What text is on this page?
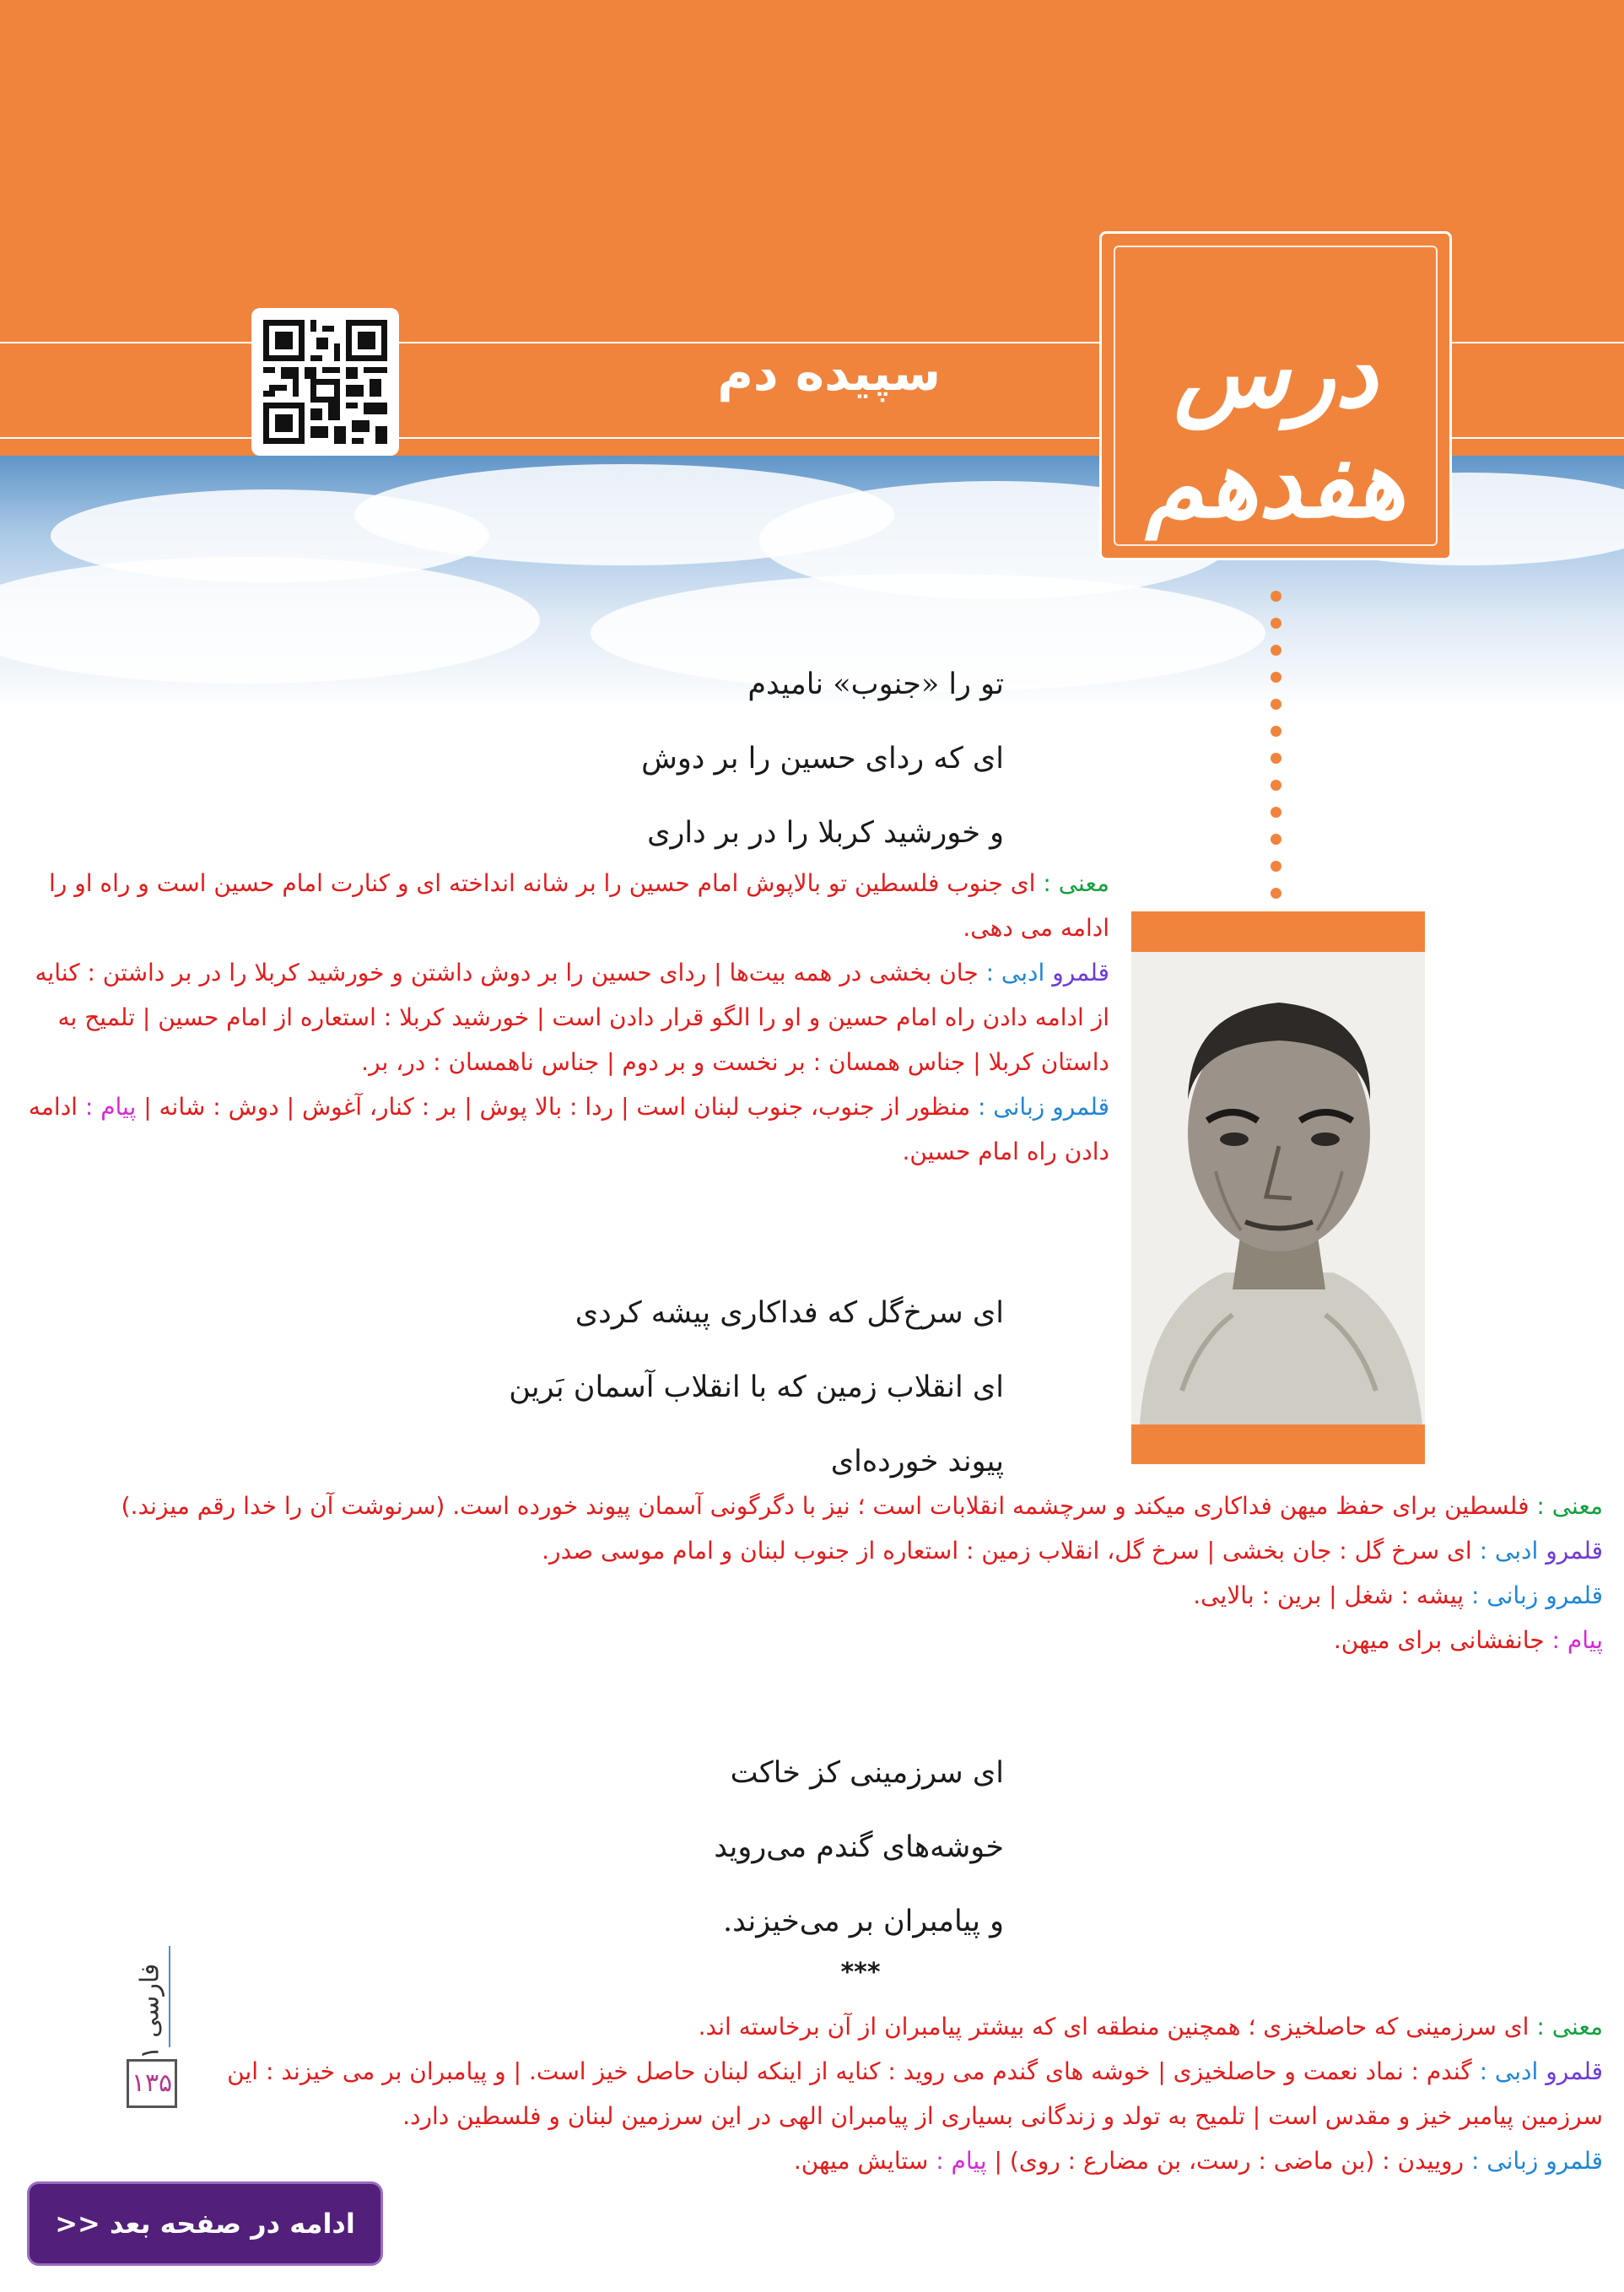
درس هفدهم
سپیده دم
تو را «جنوب» نامیدم
ای که ردای حسین را بر دوش
و خورشید کربلا را در بر داری
معنی : ای جنوب فلسطین تو بالاپوش امام حسین را بر شانه انداخته ای و کنارت امام حسین است و راه او را ادامه می دهی.
قلمرو ادبی : جان بخشی در همه بیت‌ها | ردای حسین را بر دوش داشتن و خورشید کربلا را در بر داشتن : کنایه از ادامه دادن راه امام حسین و او را الگو قرار دادن است | خورشید کربلا : استعاره از امام حسین | تلمیح به داستان کربلا | جناس همسان : بر نخست و بر دوم | جناس ناهمسان : در، بر.
قلمرو زبانی : منظور از جنوب، جنوب لبنان است | ردا : بالا پوش | بر : کنار، آغوش | دوش : شانه | پیام : ادامه دادن راه امام حسین.
ای سرخ‌گل که فداکاری پیشه کردی
ای انقلاب زمین که با انقلاب آسمان بَرین
پیوند خورده‌ای
معنی : فلسطین برای حفظ میهن فداکاری میکند و سرچشمه انقلابات است ؛ نیز با دگرگونی آسمان پیوند خورده است. (سرنوشت آن را خدا رقم میزند.)
قلمرو ادبی : ای سرخ گل : جان بخشی | سرخ گل، انقلاب زمین : استعاره از جنوب لبنان و امام موسی صدر.
قلمرو زبانی : پیشه : شغل | برین : بالایی.
پیام : جانفشانی برای میهن.
ای سرزمینی کز خاکت
خوشه‌های گندم می‌روید
و پیامبران بر می‌خیزند.
***
معنی : ای سرزمینی که حاصلخیزی ؛ همچنین منطقه ای که بیشتر پیامبران از آن برخاسته اند.
قلمرو ادبی : گندم : نماد نعمت و حاصلخیزی | خوشه های گندم می روید : کنایه از اینکه لبنان حاصل خیز است. | و پیامبران بر می خیزند : این سرزمین پیامبر خیز و مقدس است | تلمیح به تولد و زندگانی بسیاری از پیامبران الهی در این سرزمین لبنان و فلسطین دارد.
قلمرو زبانی : روییدن : (بن ماضی : رست، بن مضارع : روی) | پیام : ستایش میهن.
فارسی ۱
۱۳۵
ادامه در صفحه بعد <<
